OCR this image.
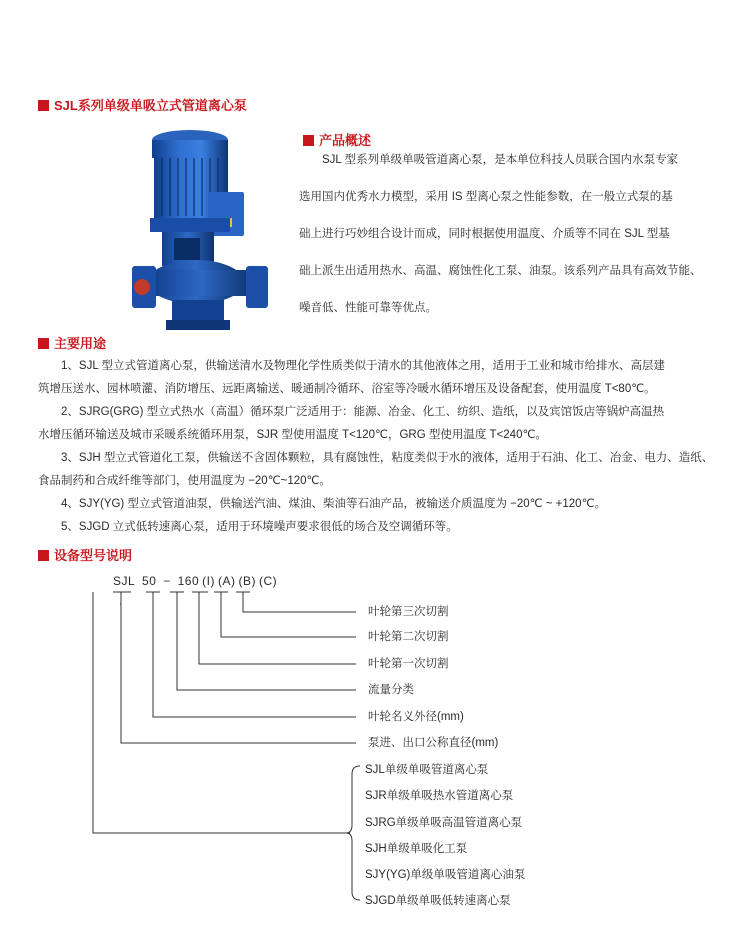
SJL系列单级单吸立式管道离心泵
产品概述

SJL 型系列单级单吸管道离心泵，是本单位科技人员联合国内水泵专家

选用国内优秀水力模型，采用 IS 型离心泵之性能参数，在一般立式泵的基

础上进行巧妙组合设计而成，同时根据使用温度、介质等不同在 SJL 型基

础上派生出适用热水、高温、腐蚀性化工泵、油泵。该系列产品具有高效节能、

噪音低、性能可靠等优点。

主要用途

1、SJL 型立式管道离心泵，供输送清水及物理化学性质类似于清水的其他液体之用，适用于工业和城市给排水、高层建

筑增压送水、园林喷灌、消防增压、远距离输送、暖通制冷循环、浴室等冷暖水循环增压及设备配套，使用温度 T<80℃。

2、SJRG(GRG) 型立式热水（高温）循环泵广泛适用于：能源、冶金、化工、纺织、造纸，以及宾馆饭店等锅炉高温热

水增压循环输送及城市采暖系统循环用泵，SJR 型使用温度 T<120℃，GRG 型使用温度 T<240℃。

3、SJH 型立式管道化工泵，供输送不含固体颗粒，具有腐蚀性，粘度类似于水的液体，适用于石油、化工、冶金、电力、造纸、

食品制药和合成纤维等部门，使用温度为 −20℃~120℃。

4、SJY(YG) 型立式管道油泵，供输送汽油、煤油、柴油等石油产品，被输送介质温度为 −20℃ ~ +120℃。

5、SJGD 立式低转速离心泵，适用于环境噪声要求很低的场合及空调循环等。

设备型号说明
SJL 50 − 160 (I) (A) (B) (C)
叶轮第三次切割
叶轮第二次切割
叶轮第一次切割
流量分类
叶轮名义外径(mm)
泵进、出口公称直径(mm)
SJL单级单吸管道离心泵
SJR单级单吸热水管道离心泵
SJRG单级单吸高温管道离心泵
SJH单级单吸化工泵
SJY(YG)单级单吸管道离心油泵
SJGD单级单吸低转速离心泵
